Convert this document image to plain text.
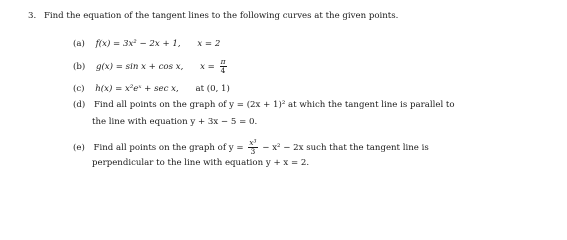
3. Find the equation of the tangent lines to the following curves at the given points.
(a) f(x) = 3x² − 2x + 1, x = 2
(b) g(x) = sin x + cos x, $x = \frac{\pi}{4}$
(c) h(x) = x²eˣ + sec x, at (0, 1)
(d) Find all points on the graph of y = (2x + 1)² at which the tangent line is parallel to
the line with equation y + 3x − 5 = 0.
(e) Find all points on the graph of $y = \frac{\text{x³}}{3} - x^2 - 2x$ such that the tangent line is
perpendicular to the line with equation y + x = 2.
